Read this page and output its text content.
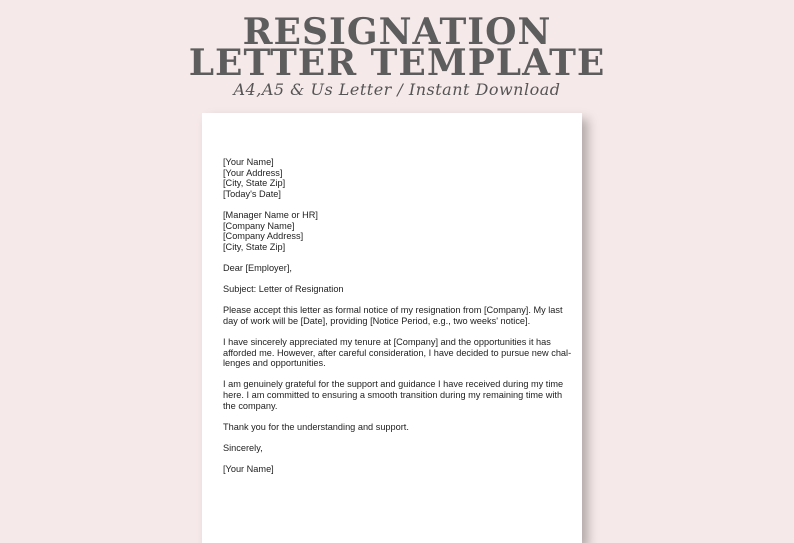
RESIGNATION
LETTER TEMPLATE
A4,A5 & Us Letter / Instant Download
[Your Name]
[Your Address]
[City, State Zip]
[Today's Date]
[Manager Name or HR]
[Company Name]
[Company Address]
[City, State Zip]
Dear [Employer],
Subject: Letter of Resignation
Please accept this letter as formal notice of my resignation from [Company]. My last
day of work will be [Date], providing [Notice Period, e.g., two weeks' notice].
I have sincerely appreciated my tenure at [Company] and the opportunities it has
afforded me. However, after careful consideration, I have decided to pursue new chal-
lenges and opportunities.
I am genuinely grateful for the support and guidance I have received during my time
here. I am committed to ensuring a smooth transition during my remaining time with
the company.
Thank you for the understanding and support.
Sincerely,
[Your Name]
